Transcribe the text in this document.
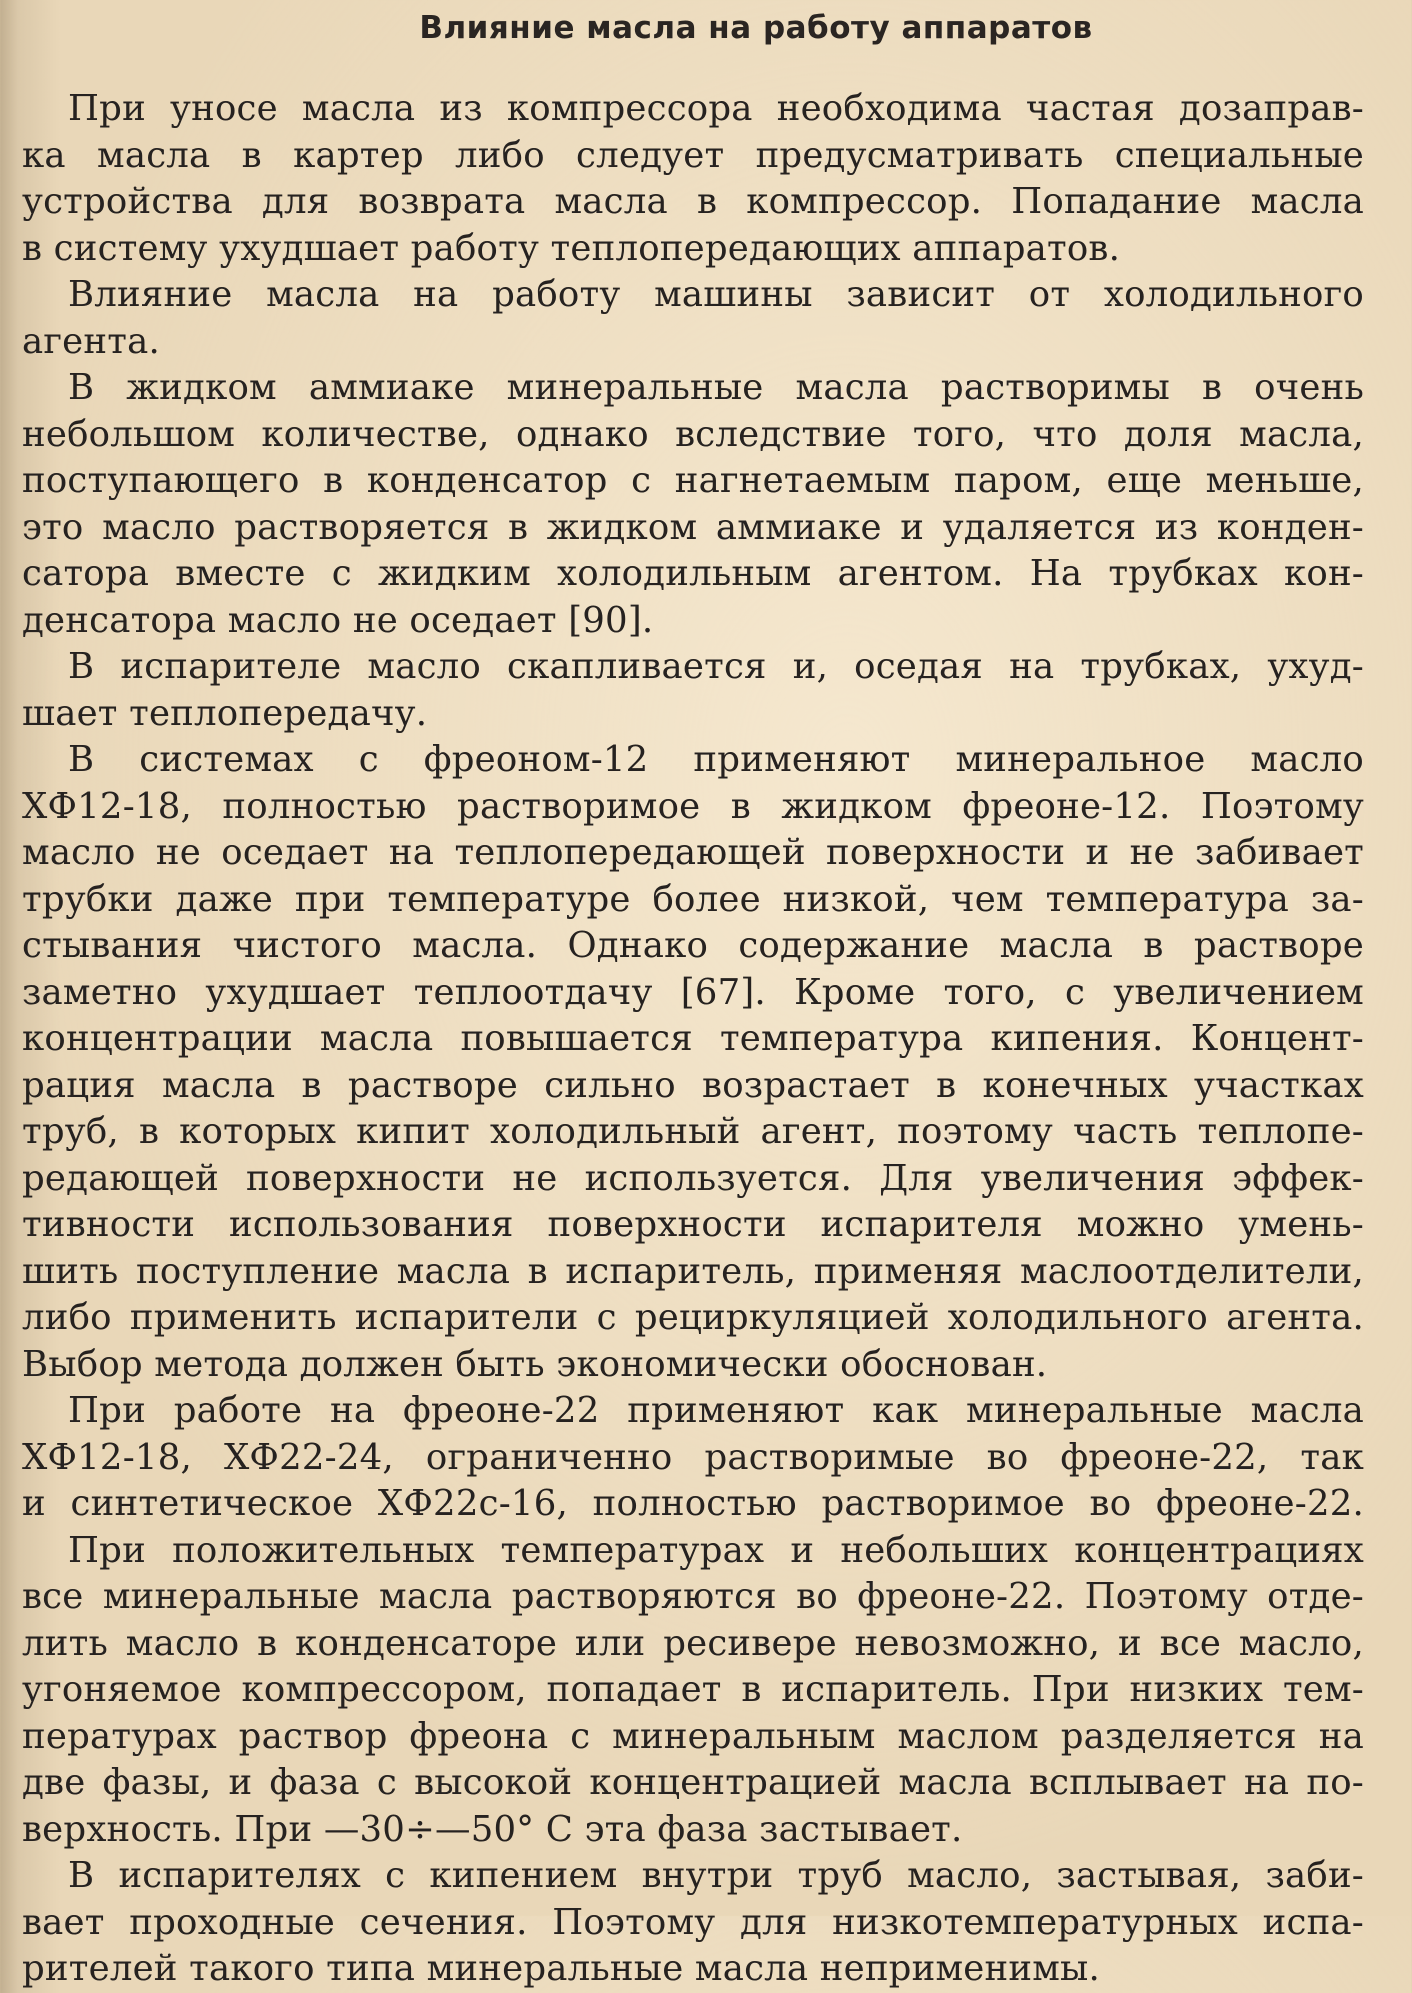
Влияние масла на работу аппаратов
При уносе масла из компрессора необходима частая дозаправ-
ка масла в картер либо следует предусматривать специальные
устройства для возврата масла в компрессор. Попадание масла
в систему ухудшает работу теплопередающих аппаратов.
Влияние масла на работу машины зависит от холодильного
агента.
В жидком аммиаке минеральные масла растворимы в очень
небольшом количестве, однако вследствие того, что доля масла,
поступающего в конденсатор с нагнетаемым паром, еще меньше,
это масло растворяется в жидком аммиаке и удаляется из конден-
сатора вместе с жидким холодильным агентом. На трубках кон-
денсатора масло не оседает [90].
В испарителе масло скапливается и, оседая на трубках, ухуд-
шает теплопередачу.
В системах с фреоном-12 применяют минеральное масло
ХФ12-18, полностью растворимое в жидком фреоне-12. Поэтому
масло не оседает на теплопередающей поверхности и не забивает
трубки даже при температуре более низкой, чем температура за-
стывания чистого масла. Однако содержание масла в растворе
заметно ухудшает теплоотдачу [67]. Кроме того, с увеличением
концентрации масла повышается температура кипения. Концент-
рация масла в растворе сильно возрастает в конечных участках
труб, в которых кипит холодильный агент, поэтому часть теплопе-
редающей поверхности не используется. Для увеличения эффек-
тивности использования поверхности испарителя можно умень-
шить поступление масла в испаритель, применяя маслоотделители,
либо применить испарители с рециркуляцией холодильного агента.
Выбор метода должен быть экономически обоснован.
При работе на фреоне-22 применяют как минеральные масла
ХФ12-18, ХФ22-24, ограниченно растворимые во фреоне-22, так
и синтетическое ХФ22с-16, полностью растворимое во фреоне-22.
При положительных температурах и небольших концентрациях
все минеральные масла растворяются во фреоне-22. Поэтому отде-
лить масло в конденсаторе или ресивере невозможно, и все масло,
угоняемое компрессором, попадает в испаритель. При низких тем-
пературах раствор фреона с минеральным маслом разделяется на
две фазы, и фаза с высокой концентрацией масла всплывает на по-
верхность. При —30÷—50° С эта фаза застывает.
В испарителях с кипением внутри труб масло, застывая, заби-
вает проходные сечения. Поэтому для низкотемпературных испа-
рителей такого типа минеральные масла неприменимы.
